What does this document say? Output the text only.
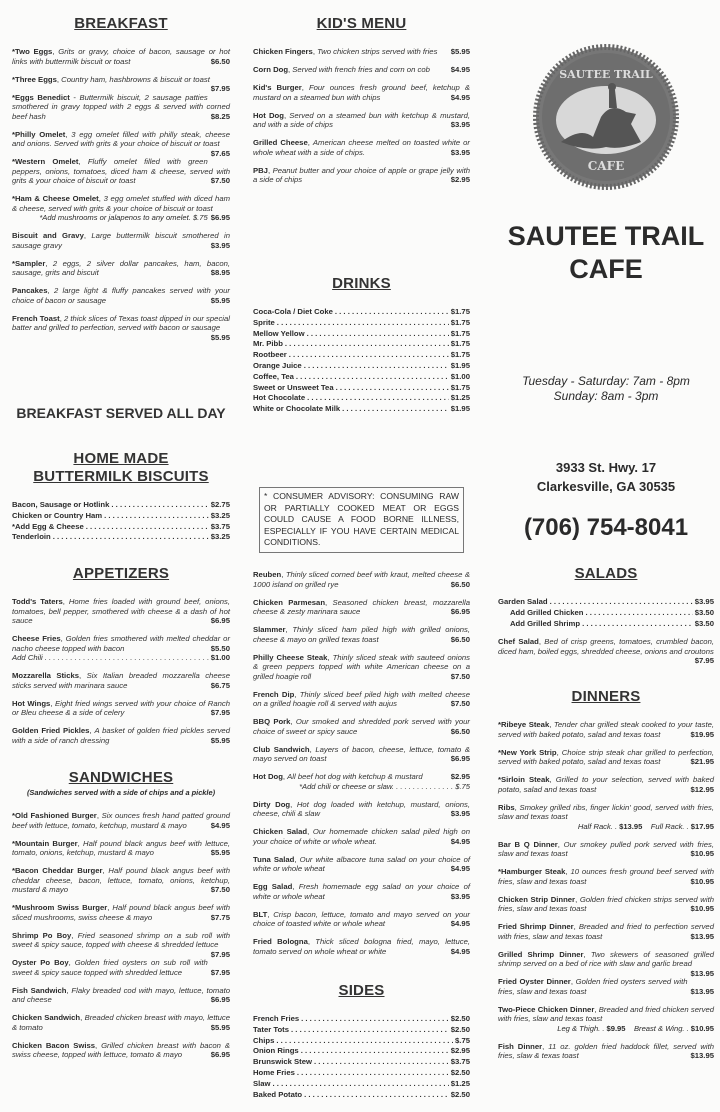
BREAKFAST
*Two Eggs, Grits or gravy, choice of bacon, sausage or hot links with buttermilk biscuit or toast	$6.50
*Three Eggs, Country ham, hashbrowns & biscuit or toast
$7.95
*Eggs Benedict - Buttermilk biscuit, 2 sausage patties smothered in gravy topped with 2 eggs & served with corned beef hash	$8.25
*Philly Omelet, 3 egg omelet filled with philly steak, cheese and onions. Served with grits & your choice of biscuit or toast
$7.65
*Western Omelet, Fluffy omelet filled with green peppers, onions, tomatoes, diced ham & cheese, served with grits & your choice of biscuit or toast	$7.50
*Ham & Cheese Omelet, 3 egg omelet stuffed with diced ham & cheese, served with grits & your choice of biscuit or toast
$6.95
*Add mushrooms or jalapenos to any omelet. $.75
Biscuit and Gravy, Large buttermilk biscuit smothered in sausage gravy	$3.95
*Sampler, 2 eggs, 2 silver dollar pancakes, ham, bacon, sausage, grits and biscuit	$8.95
Pancakes, 2 large light & fluffy pancakes served with your choice of bacon or sausage	$5.95
French Toast, 2 thick slices of Texas toast dipped in our special batter and grilled to perfection, served with bacon or sausage
$5.95
BREAKFAST SERVED ALL DAY
HOME MADE
BUTTERMILK BISCUITS
Bacon, Sausage or Hotlink . . .	$2.75
Chicken or Country Ham . . .	$3.25
*Add Egg & Cheese . . .	$3.75
Tenderloin . . .	$3.25
APPETIZERS
Todd's Taters, Home fries loaded with ground beef, onions, tomatoes, bell pepper, smothered with cheese & a dash of hot sauce	$6.95
Cheese Fries, Golden fries smothered with melted cheddar or nacho cheese topped with bacon	$5.50
Add Chili . . .	$1.00
Mozzarella Sticks, Six Italian breaded mozzarella cheese sticks served with marinara sauce	$6.75
Hot Wings, Eight fried wings served with your choice of Ranch or Bleu cheese & a side of celery	$7.95
Golden Fried Pickles, A basket of golden fried pickles served with a side of ranch dressing	$5.95
SANDWICHES
(Sandwiches served with a side of chips and a pickle)
*Old Fashioned Burger, Six ounces fresh hand patted ground beef with lettuce, tomato, ketchup, mustard & mayo	$4.95
*Mountain Burger, Half pound black angus beef with lettuce, tomato, onions, ketchup, mustard & mayo	$5.95
*Bacon Cheddar Burger, Half pound black angus beef with cheddar cheese, bacon, lettuce, tomato, onions, ketchup, mustard & mayo	$7.50
*Mushroom Swiss Burger, Half pound black angus beef with sliced mushrooms, swiss cheese & mayo	$7.75
Shrimp Po Boy, Fried seasoned shrimp on a sub roll with sweet & spicy sauce, topped with cheese & shredded lettuce
$7.95
Oyster Po Boy, Golden fried oysters on sub roll with sweet & spicy sauce topped with shredded lettuce	$7.95
Fish Sandwich, Flaky breaded cod with mayo, lettuce, tomato and cheese	$6.95
Chicken Sandwich, Breaded chicken breast with mayo, lettuce & tomato	$5.95
Chicken Bacon Swiss, Grilled chicken breast with bacon & swiss cheese, topped with lettuce, tomato & mayo	$6.95
KID'S MENU
Chicken Fingers, Two chicken strips served with fries	$5.95
Corn Dog, Served with french fries and corn on cob	$4.95
Kid's Burger, Four ounces fresh ground beef, ketchup & mustard on a steamed bun with chips	$4.95
Hot Dog, Served on a steamed bun with ketchup & mustard, and with a side of chips	$3.95
Grilled Cheese, American cheese melted on toasted white or whole wheat with a side of chips.	$3.95
PBJ, Peanut butter and your choice of apple or grape jelly with a side of chips	$2.95
DRINKS
Coca-Cola / Diet Coke . . .	$1.75
Sprite . . .	$1.75
Mellow Yellow . . .	$1.75
Mr. Pibb . . .	$1.75
Rootbeer . . .	$1.75
Orange Juice . . .	$1.95
Coffee, Tea . . .	$1.00
Sweet or Unsweet Tea . . .	$1.75
Hot Chocolate . . .	$1.25
White or Chocolate Milk . . .	$1.95
* CONSUMER ADVISORY: CONSUMING RAW OR PARTIALLY COOKED MEAT OR EGGS COULD CAUSE A FOOD BORNE ILLNESS, ESPECIALLY IF YOU HAVE CERTAIN MEDICAL CONDITIONS.
Reuben, Thinly sliced corned beef with kraut, melted cheese & 1000 island on grilled rye	$6.50
Chicken Parmesan, Seasoned chicken breast, mozzarella cheese & zesty marinara sauce	$6.95
Slammer, Thinly sliced ham piled high with grilled onions, cheese & mayo on grilled texas toast	$6.50
Philly Cheese Steak, Thinly sliced steak with sauteed onions & green peppers topped with white American cheese on a grilled hoagie roll	$7.50
French Dip, Thinly sliced beef piled high with melted cheese on a grilled hoagie roll & served with aujus	$7.50
BBQ Pork, Our smoked and shredded pork served with your choice of sweet or spicy sauce	$6.50
Club Sandwich, Layers of bacon, cheese, lettuce, tomato & mayo served on toast	$6.95
Hot Dog, All beef hot dog with ketchup & mustard	$2.95
*Add chili or cheese or slaw. . . . . . . . . . . . . . . $.75
Dirty Dog, Hot dog loaded with ketchup, mustard, onions, cheese, chili & slaw	$3.95
Chicken Salad, Our homemade chicken salad piled high on your choice of white or whole wheat.	$4.95
Tuna Salad, Our white albacore tuna salad on your choice of white or whole wheat	$4.95
Egg Salad, Fresh homemade egg salad on your choice of white or whole wheat	$3.95
BLT, Crisp bacon, lettuce, tomato and mayo served on your choice of toasted white or whole wheat	$4.95
Fried Bologna, Thick sliced bologna fried, mayo, lettuce, tomato served on whole wheat or white	$4.95
SIDES
French Fries . . .	$2.50
Tater Tots . . .	$2.50
Chips . . .	$.75
Onion Rings . . .	$2.95
Brunswick Stew . . .	$3.75
Home Fries . . .	$2.50
Slaw . . .	$1.25
Baked Potato . . .	$2.50
SAUTEE TRAIL
CAFE
SAUTEE TRAIL
CAFE
Tuesday - Saturday: 7am - 8pm
Sunday: 8am - 3pm
3933 St. Hwy. 17
Clarkesville, GA 30535
(706) 754-8041
SALADS
Garden Salad . . .	$3.95
Add Grilled Chicken . . .	$3.50
Add Grilled Shrimp . . .	$3.50
Chef Salad, Bed of crisp greens, tomatoes, crumbled bacon, diced ham, boiled eggs, shredded cheese, onions and croutons
$7.95
DINNERS
*Ribeye Steak, Tender char grilled steak cooked to your taste, served with baked potato, salad and texas toast	$19.95
*New York Strip, Choice strip steak char grilled to perfection, served with baked potato, salad and texas toast	$21.95
*Sirloin Steak, Grilled to your selection, served with baked potato, salad and texas toast	$12.95
Ribs, Smokey grilled ribs, finger lickin' good, served with fries, slaw and texas toast
Half Rack. . $13.95 Full Rack. . $17.95
Bar B Q Dinner, Our smokey pulled pork served with fries, slaw and texas toast	$10.95
*Hamburger Steak, 10 ounces fresh ground beef served with fries, slaw and texas toast	$10.95
Chicken Strip Dinner, Golden fried chicken strips served with fries, slaw and texas toast	$10.95
Fried Shrimp Dinner, Breaded and fried to perfection served with fries, slaw and texas toast	$13.95
Grilled Shrimp Dinner, Two skewers of seasoned grilled shrimp served on a bed of rice with slaw and garlic bread
$13.95
Fried Oyster Dinner, Golden fried oysters served with fries, slaw and texas toast	$13.95
Two-Piece Chicken Dinner, Breaded and fried chicken served with fries, slaw and texas toast
Leg & Thigh. . $9.95 Breast & Wing. . $10.95
Fish Dinner, 11 oz. golden fried haddock fillet, served with fries, slaw & texas toast	$13.95
